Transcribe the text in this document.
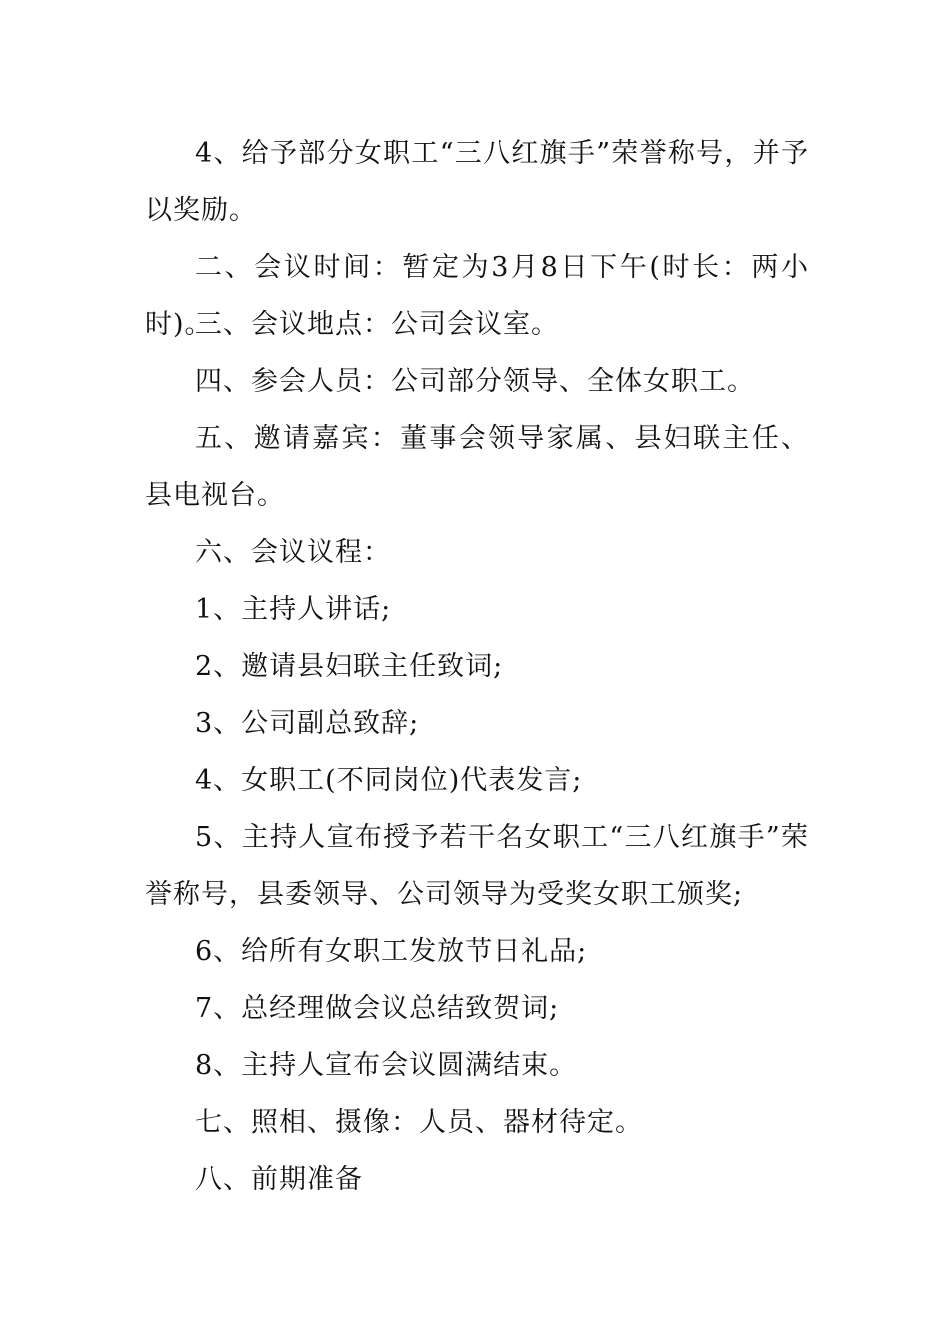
4、给予部分女职工“三八红旗手”荣誉称号，并予以奖励。

二、会议时间：暂定为3月8日下午(时长：两小时)。

三、会议地点：公司会议室。

四、参会人员：公司部分领导、全体女职工。

五、邀请嘉宾：董事会领导家属、县妇联主任、县电视台。

六、会议议程：

1、主持人讲话;

2、邀请县妇联主任致词;

3、公司副总致辞;

4、女职工(不同岗位)代表发言;

5、主持人宣布授予若干名女职工“三八红旗手”荣誉称号，县委领导、公司领导为受奖女职工颁奖;

6、给所有女职工发放节日礼品;

7、总经理做会议总结致贺词;

8、主持人宣布会议圆满结束。

七、照相、摄像：人员、器材待定。

八、前期准备
